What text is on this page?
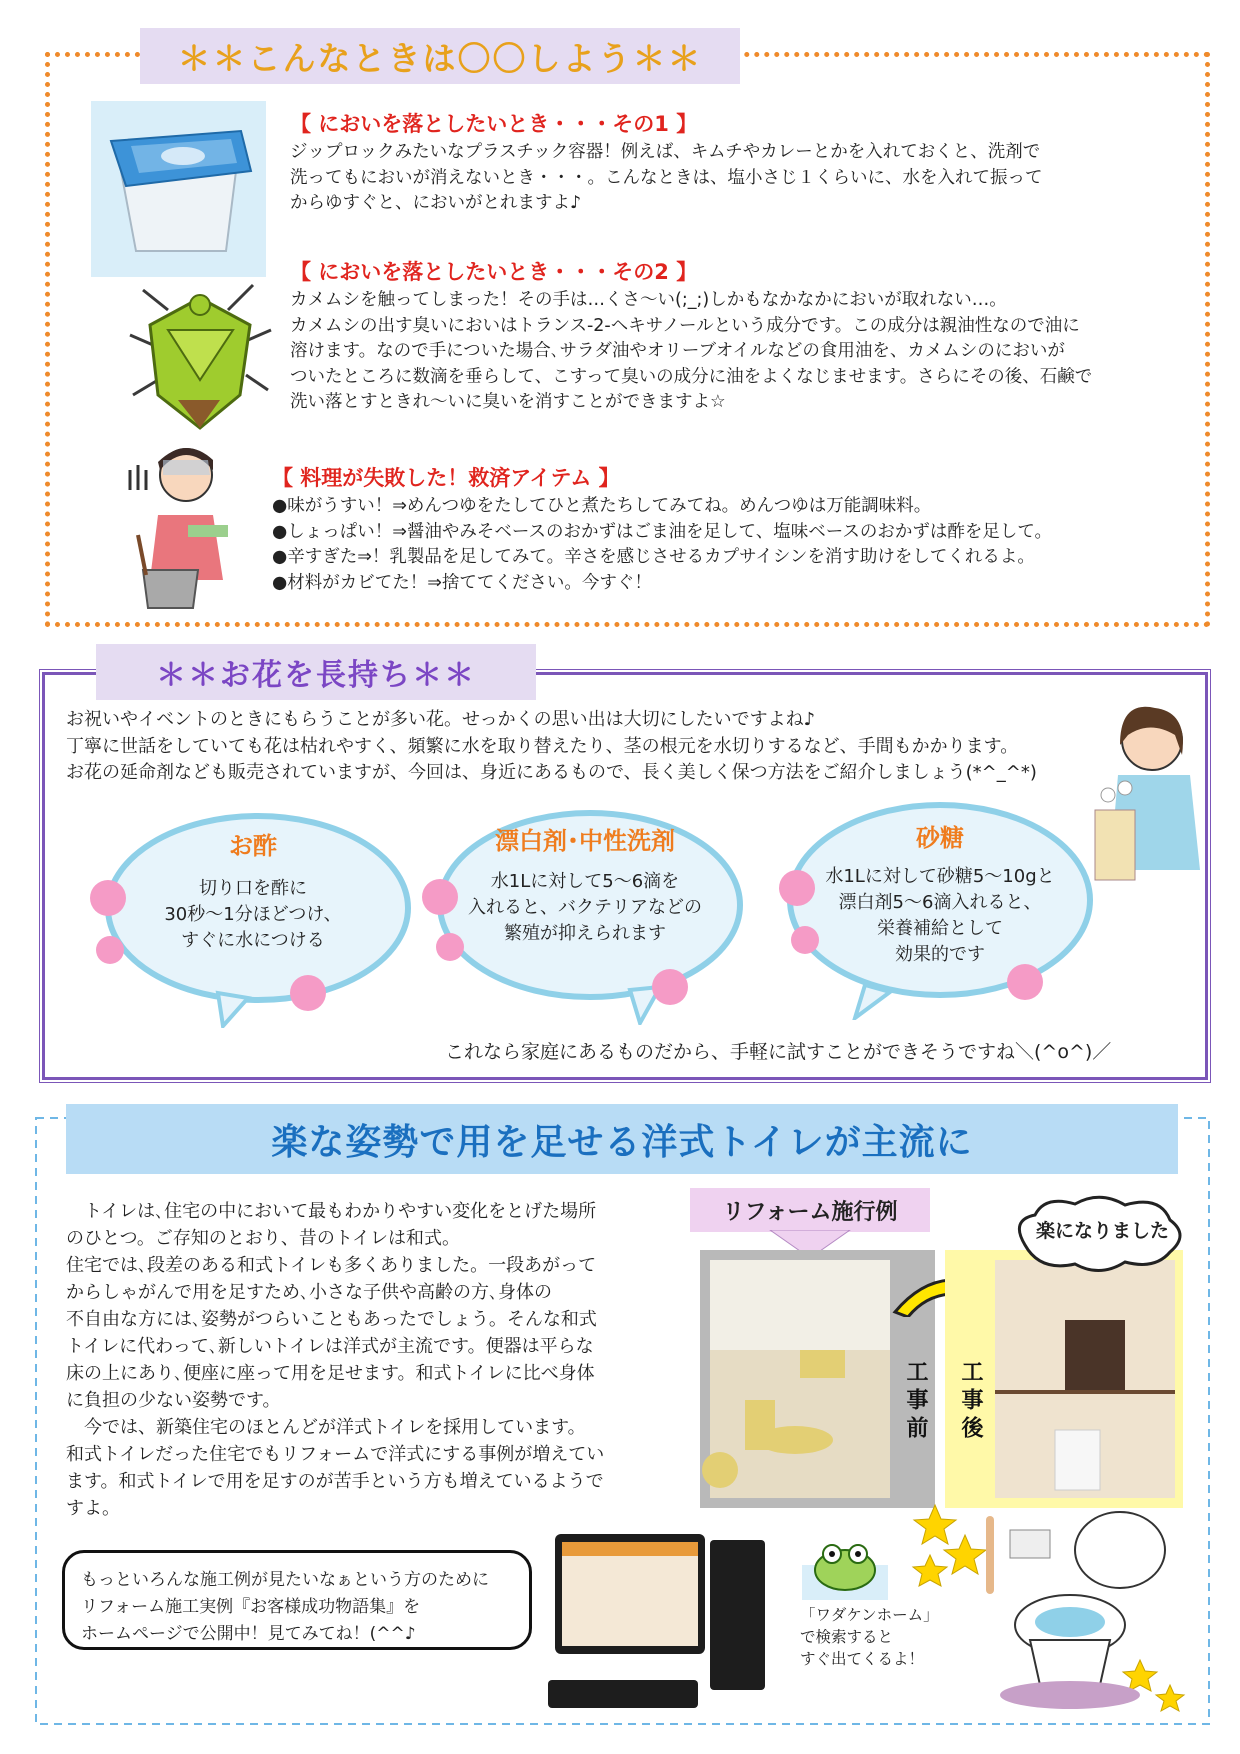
＊＊こんなときは〇〇しよう＊＊
【 においを落としたいとき・・・その1 】

ジップロックみたいなプラスチック容器！例えば、キムチやカレーとかを入れておくと、洗剤で

洗ってもにおいが消えないとき・・・。こんなときは、塩小さじ１くらいに、水を入れて振って

からゆすぐと、においがとれますよ♪

【 においを落としたいとき・・・その2 】

カメムシを触ってしまった！その手は…くさ～い(;_;)しかもなかなかにおいが取れない…。

カメムシの出す臭いにおいはトランス-2-ヘキサノールという成分です。この成分は親油性なので油に

溶けます。なので手についた場合､サラダ油やオリーブオイルなどの食用油を、カメムシのにおいが

ついたところに数滴を垂らして、こすって臭いの成分に油をよくなじませます。さらにその後、石鹸で

洗い落とすときれ～いに臭いを消すことができますよ☆

【 料理が失敗した！救済アイテム 】

●味がうすい！⇒めんつゆをたしてひと煮たちしてみてね。めんつゆは万能調味料。

●しょっぱい！⇒醤油やみそベースのおかずはごま油を足して、塩味ベースのおかずは酢を足して。

●辛すぎた⇒！乳製品を足してみて。辛さを感じさせるカプサイシンを消す助けをしてくれるよ。

●材料がカビてた！⇒捨ててください。今すぐ！

＊＊お花を長持ち＊＊

お祝いやイベントのときにもらうことが多い花。せっかくの思い出は大切にしたいですよね♪

丁寧に世話をしていても花は枯れやすく、頻繁に水を取り替えたり、茎の根元を水切りするなど、手間もかかります。

お花の延命剤なども販売されていますが、今回は、身近にあるもので、長く美しく保つ方法をご紹介しましょう(*^_^*)

お酢

切り口を酢に

30秒～1分ほどつけ、

すぐに水につける

漂白剤･中性洗剤

水1Lに対して5～6滴を

入れると、バクテリアなどの

繁殖が抑えられます

砂糖

水1Lに対して砂糖5～10gと

漂白剤5～6滴入れると、

栄養補給として

効果的です

これなら家庭にあるものだから、手軽に試すことができそうですね＼(^o^)／
楽な姿勢で用を足せる洋式トイレが主流に

　トイレは､住宅の中において最もわかりやすい変化をとげた場所

のひとつ。ご存知のとおり、昔のトイレは和式。

住宅では､段差のある和式トイレも多くありました。一段あがって

からしゃがんで用を足すため､小さな子供や高齢の方､身体の

不自由な方には､姿勢がつらいこともあったでしょう。そんな和式

トイレに代わって､新しいトイレは洋式が主流です。便器は平らな

床の上にあり､便座に座って用を足せます。和式トイレに比べ身体

に負担の少ない姿勢です。

　今では、新築住宅のほとんどが洋式トイレを採用しています。

和式トイレだった住宅でもリフォームで洋式にする事例が増えてい

ます。和式トイレで用を足すのが苦手という方も増えているようで

すよ。

リフォーム施行例
工事前 工事後
楽になりました

もっといろんな施工例が見たいなぁという方のために

リフォーム施工実例『お客様成功物語集』を

ホームページで公開中！見てみてね！(^^♪

「ワダケンホーム」

で検索すると

すぐ出てくるよ！
